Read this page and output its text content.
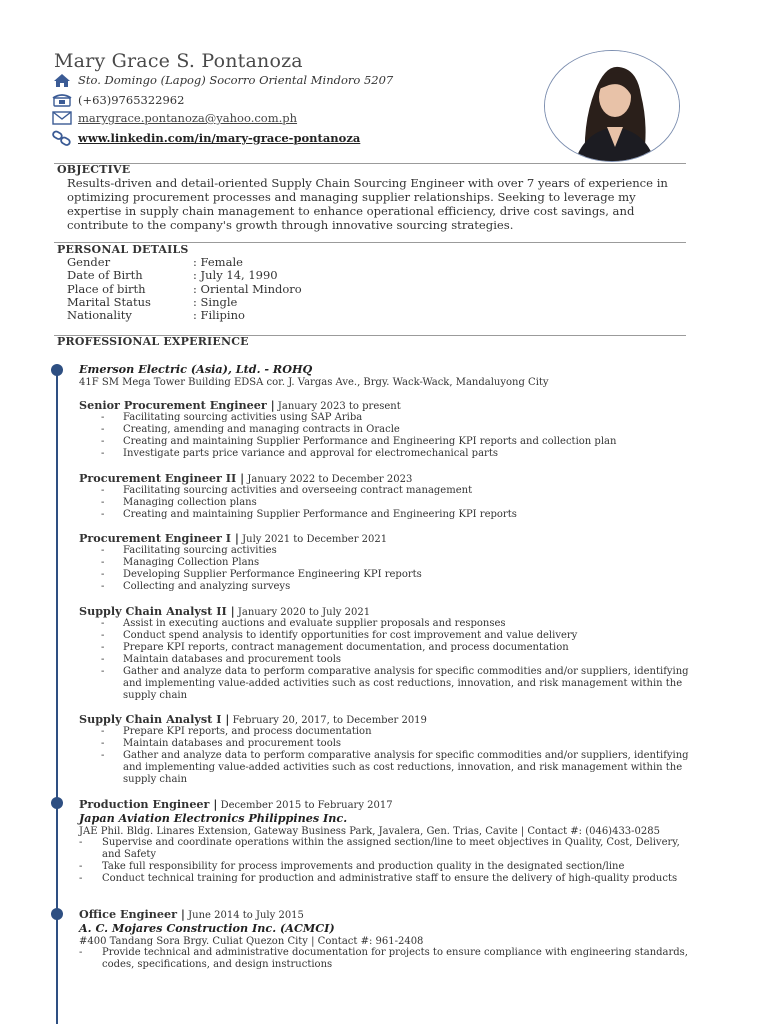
Mary Grace S. Pontanoza
Sto. Domingo (Lapog) Socorro Oriental Mindoro 5207
(+63)9765322962
marygrace.pontanoza@yahoo.com.ph
www.linkedin.com/in/mary-grace-pontanoza
OBJECTIVE
Results-driven and detail-oriented Supply Chain Sourcing Engineer with over 7 years of experience in optimizing procurement processes and managing supplier relationships. Seeking to leverage my expertise in supply chain management to enhance operational efficiency, drive cost savings, and contribute to the company's growth through innovative sourcing strategies.
PERSONAL DETAILS
Gender	: Female
Date of Birth	: July 14, 1990
Place of birth	: Oriental Mindoro
Marital Status	: Single
Nationality	: Filipino
PROFESSIONAL EXPERIENCE
Emerson Electric (Asia), Ltd. - ROHQ
41F SM Mega Tower Building EDSA cor. J. Vargas Ave., Brgy. Wack-Wack, Mandaluyong City
Senior Procurement Engineer | January 2023 to present
- Facilitating sourcing activities using SAP Ariba
- Creating, amending and managing contracts in Oracle
- Creating and maintaining Supplier Performance and Engineering KPI reports and collection plan
- Investigate parts price variance and approval for electromechanical parts
Procurement Engineer II | January 2022 to December 2023
- Facilitating sourcing activities and overseeing contract management
- Managing collection plans
- Creating and maintaining Supplier Performance and Engineering KPI reports
Procurement Engineer I | July 2021 to December 2021
- Facilitating sourcing activities
- Managing Collection Plans
- Developing Supplier Performance Engineering KPI reports
- Collecting and analyzing surveys
Supply Chain Analyst II | January 2020 to July 2021
- Assist in executing auctions and evaluate supplier proposals and responses
- Conduct spend analysis to identify opportunities for cost improvement and value delivery
- Prepare KPI reports, contract management documentation, and process documentation
- Maintain databases and procurement tools
- Gather and analyze data to perform comparative analysis for specific commodities and/or suppliers, identifying and implementing value-added activities such as cost reductions, innovation, and risk management within the supply chain
Supply Chain Analyst I | February 20, 2017, to December 2019
- Prepare KPI reports, and process documentation
- Maintain databases and procurement tools
- Gather and analyze data to perform comparative analysis for specific commodities and/or suppliers, identifying and implementing value-added activities such as cost reductions, innovation, and risk management within the supply chain
Production Engineer | December 2015 to February 2017
Japan Aviation Electronics Philippines Inc.
JAE Phil. Bldg. Linares Extension, Gateway Business Park, Javalera, Gen. Trias, Cavite | Contact #: (046)433-0285
- Supervise and coordinate operations within the assigned section/line to meet objectives in Quality, Cost, Delivery, and Safety
- Take full responsibility for process improvements and production quality in the designated section/line
- Conduct technical training for production and administrative staff to ensure the delivery of high-quality products
Office Engineer | June 2014 to July 2015
A. C. Mojares Construction Inc. (ACMCI)
#400 Tandang Sora Brgy. Culiat Quezon City | Contact #: 961-2408
- Provide technical and administrative documentation for projects to ensure compliance with engineering standards, codes, specifications, and design instructions
